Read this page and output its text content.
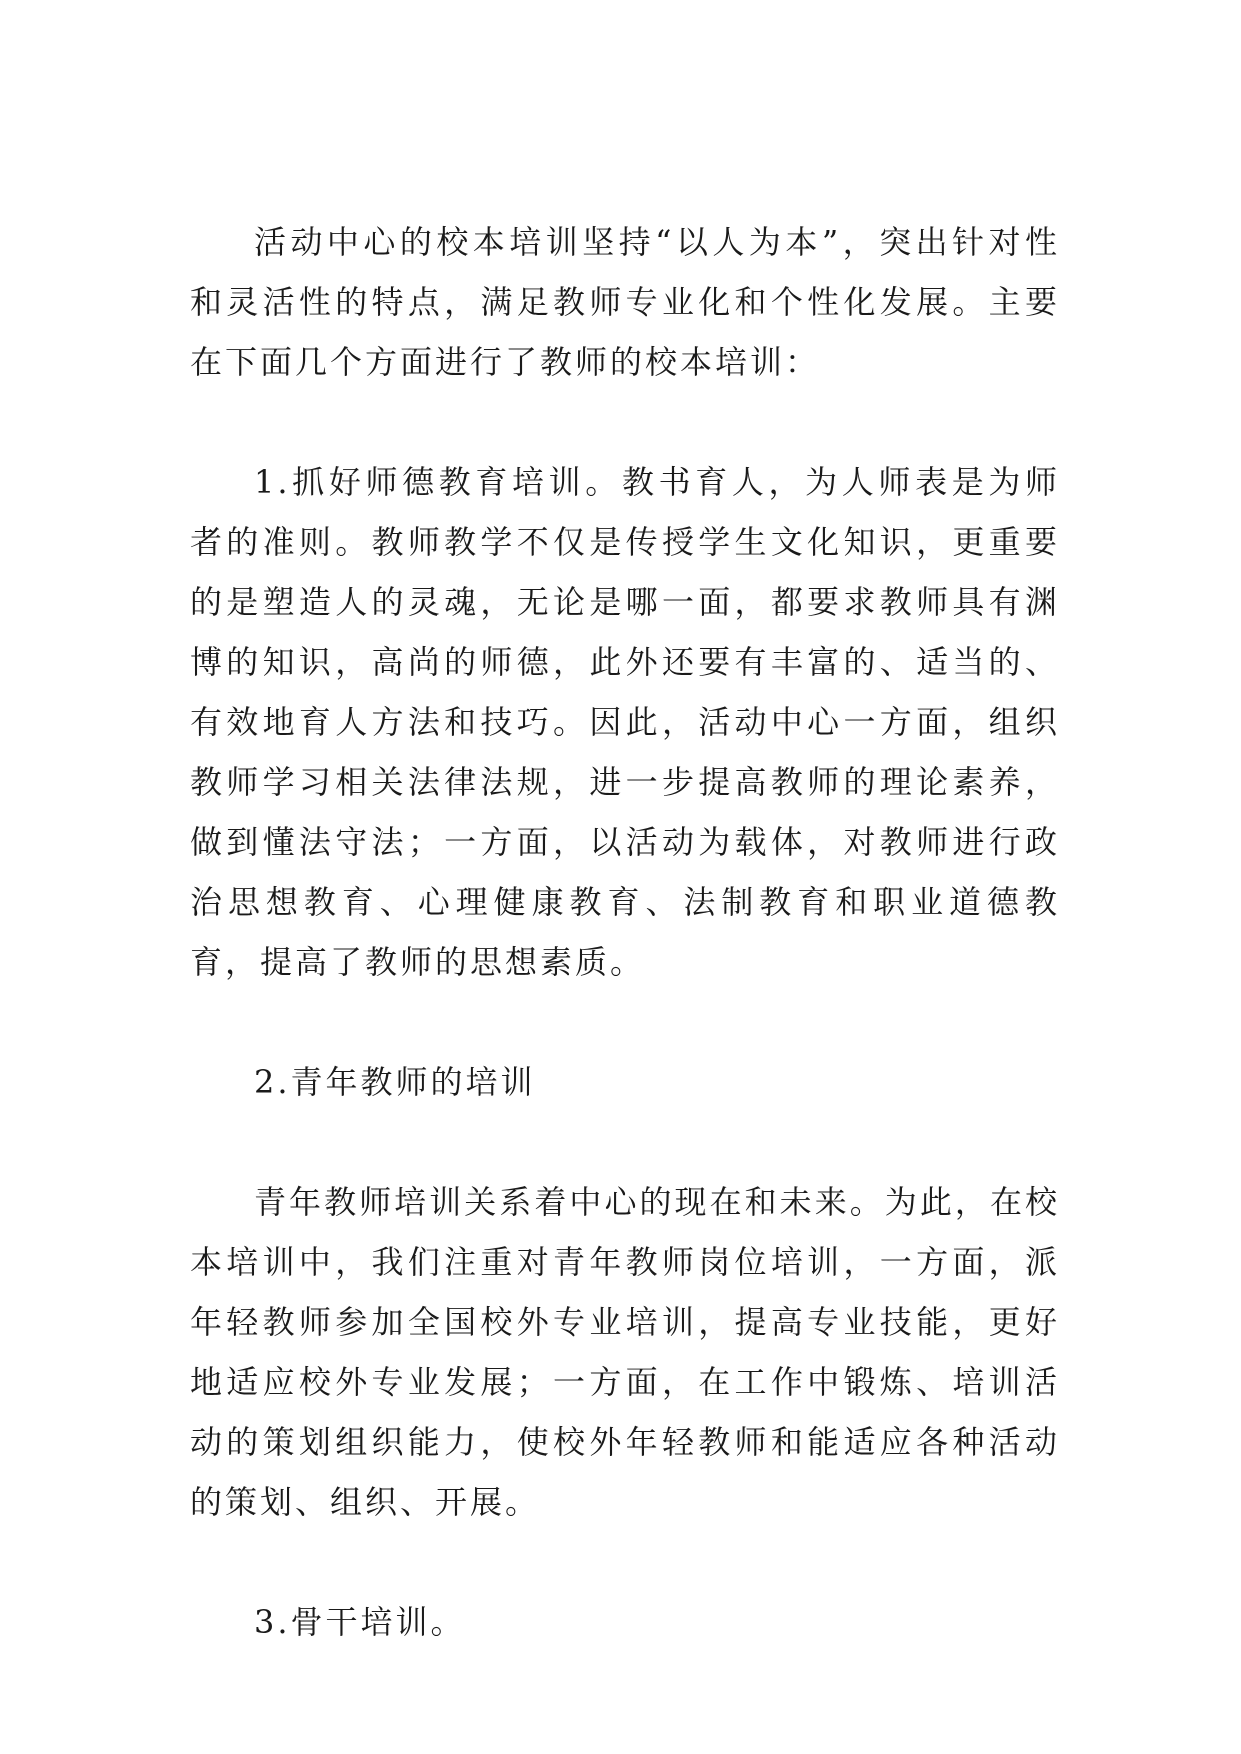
活动中心的校本培训坚持“以人为本”，突出针对性和灵活性的特点，满足教师专业化和个性化发展。主要在下面几个方面进行了教师的校本培训：

1.抓好师德教育培训。教书育人，为人师表是为师者的准则。教师教学不仅是传授学生文化知识，更重要的是塑造人的灵魂，无论是哪一面，都要求教师具有渊博的知识，高尚的师德，此外还要有丰富的、适当的、有效地育人方法和技巧。因此，活动中心一方面，组织教师学习相关法律法规，进一步提高教师的理论素养，做到懂法守法；一方面，以活动为载体，对教师进行政治思想教育、心理健康教育、法制教育和职业道德教育，提高了教师的思想素质。

2.青年教师的培训

青年教师培训关系着中心的现在和未来。为此，在校本培训中，我们注重对青年教师岗位培训，一方面，派年轻教师参加全国校外专业培训，提高专业技能，更好地适应校外专业发展；一方面，在工作中锻炼、培训活动的策划组织能力，使校外年轻教师和能适应各种活动的策划、组织、开展。

3.骨干培训。
